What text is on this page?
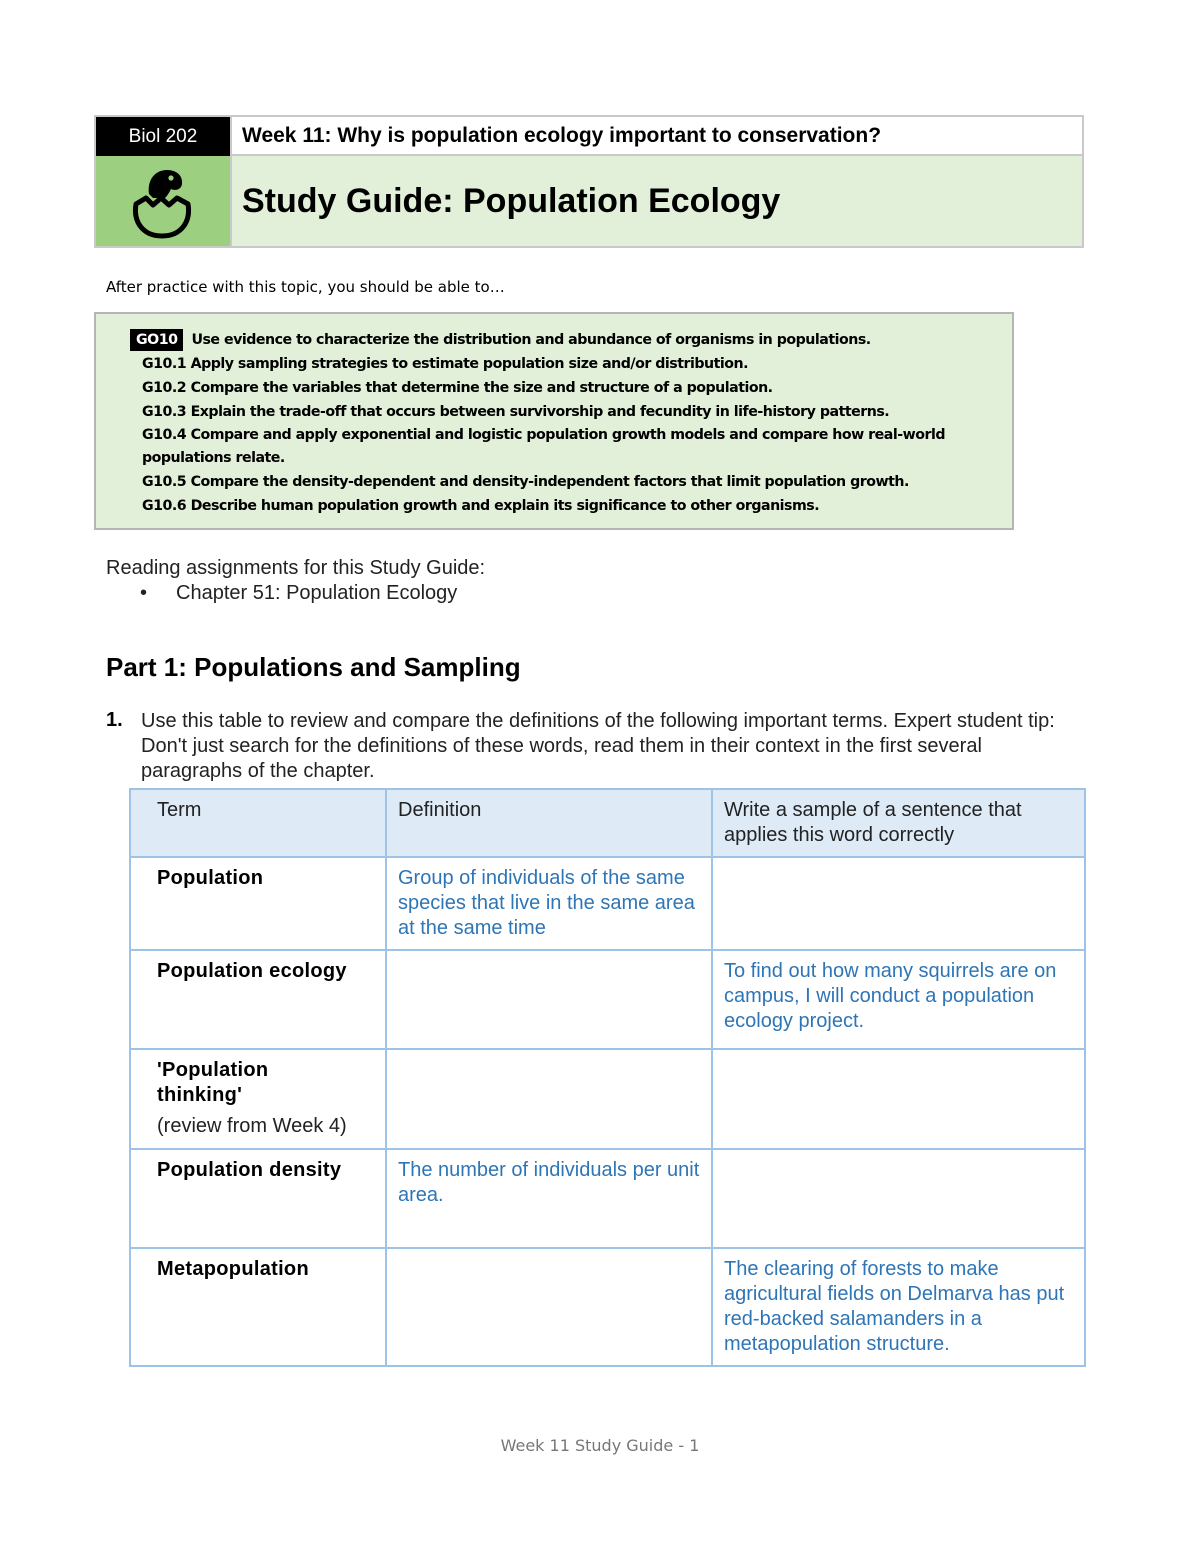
Biol 202	Week 11: Why is population ecology important to conservation?
Study Guide: Population Ecology
After practice with this topic, you should be able to…
GO10 Use evidence to characterize the distribution and abundance of organisms in populations.
G10.1 Apply sampling strategies to estimate population size and/or distribution.
G10.2 Compare the variables that determine the size and structure of a population.
G10.3 Explain the trade-off that occurs between survivorship and fecundity in life-history patterns.
G10.4 Compare and apply exponential and logistic population growth models and compare how real-world populations relate.
G10.5 Compare the density-dependent and density-independent factors that limit population growth.
G10.6 Describe human population growth and explain its significance to other organisms.
Reading assignments for this Study Guide:
• Chapter 51: Population Ecology
Part 1: Populations and Sampling
1. Use this table to review and compare the definitions of the following important terms. Expert student tip: Don't just search for the definitions of these words, read them in their context in the first several paragraphs of the chapter.
Term	Definition	Write a sample of a sentence that applies this word correctly

Population	Group of individuals of the same species that live in the same area at the same time	

Population ecology		To find out how many squirrels are on campus, I will conduct a population ecology project.

'Population thinking'
(review from Week 4)		

Population density	The number of individuals per unit area.	

Metapopulation		The clearing of forests to make agricultural fields on Delmarva has put red-backed salamanders in a metapopulation structure.
Week 11 Study Guide - 1
